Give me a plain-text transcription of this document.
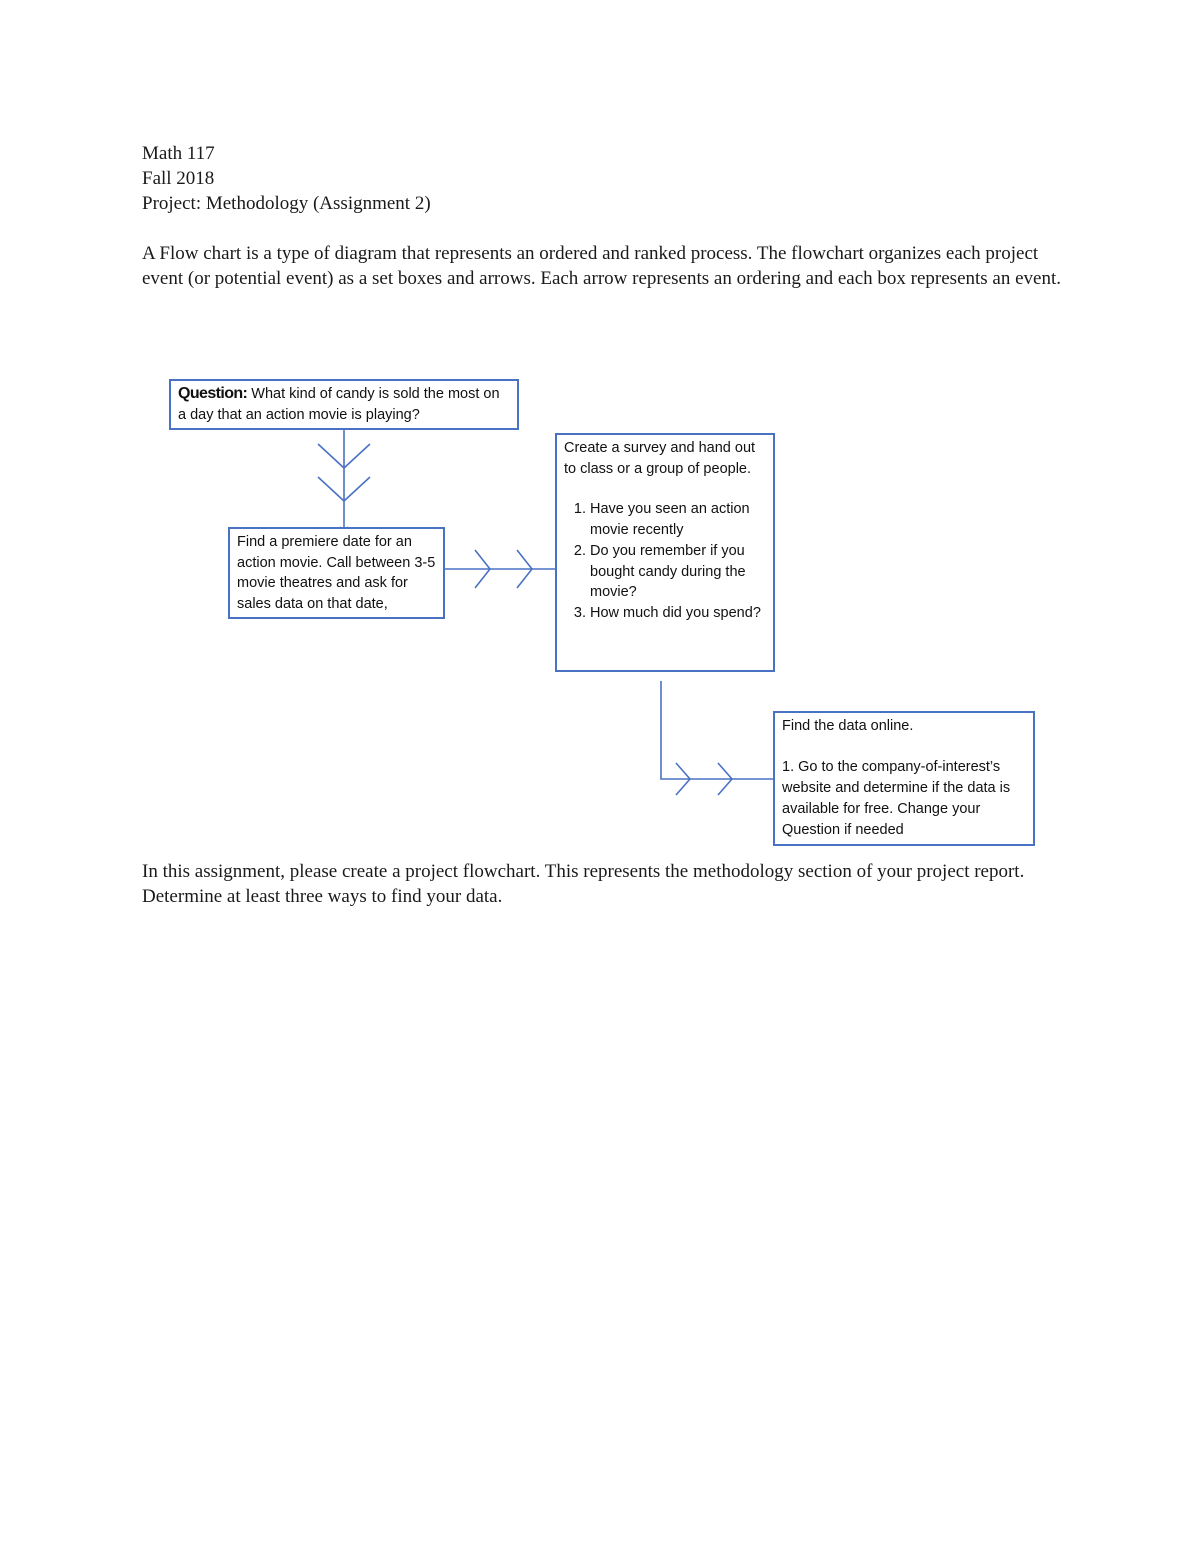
Math 117
Fall 2018
Project: Methodology (Assignment 2)
A Flow chart is a type of diagram that represents an ordered and ranked process. The flowchart organizes each project event (or potential event) as a set boxes and arrows. Each arrow represents an ordering and each box represents an event.

Question: What kind of candy is sold the most on a day that an action movie is playing?

Find a premiere date for an action movie. Call between 3-5 movie theatres and ask for sales data on that date,

Create a survey and hand out to class or a group of people.

1. Have you seen an action movie recently
2. Do you remember if you bought candy during the movie?
3. How much did you spend?

Find the data online.

1. Go to the company-of-interest’s website and determine if the data is available for free. Change your Question if needed

In this assignment, please create a project flowchart. This represents the methodology section of your project report. Determine at least three ways to find your data.
